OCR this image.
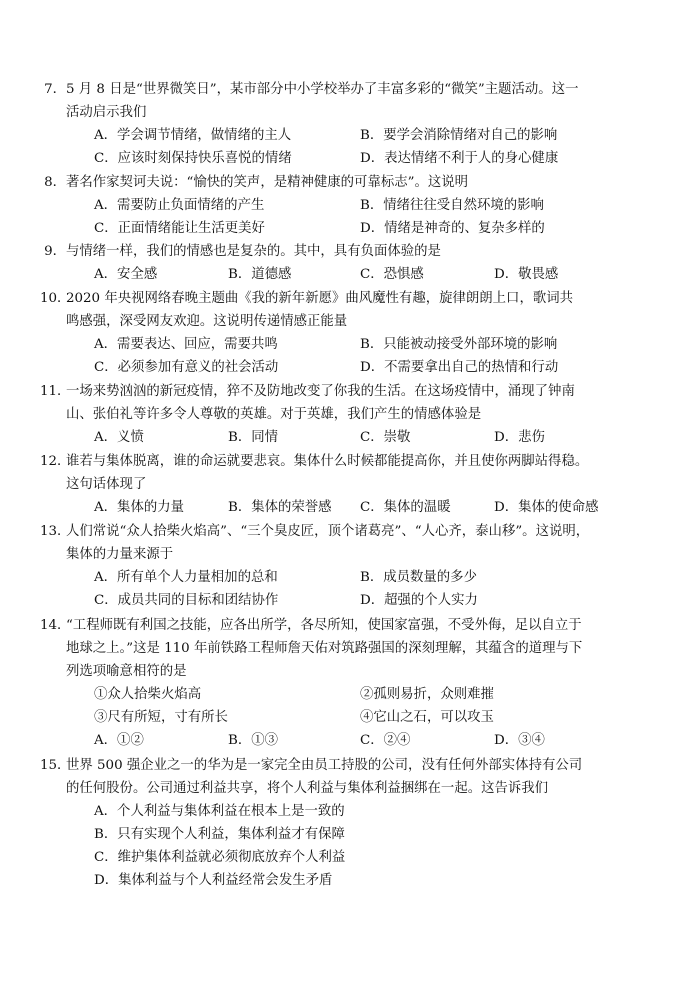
7．5 月 8 日是“世界微笑日”，某市部分中小学校举办了丰富多彩的“微笑”主题活动。这一
活动启示我们
A．学会调节情绪，做情绪的主人	B．要学会消除情绪对自己的影响
C．应该时刻保持快乐喜悦的情绪	D．表达情绪不利于人的身心健康
8．著名作家契诃夫说：“愉快的笑声，是精神健康的可靠标志”。这说明
A．需要防止负面情绪的产生	B．情绪往往受自然环境的影响
C．正面情绪能让生活更美好	D．情绪是神奇的、复杂多样的
9．与情绪一样，我们的情感也是复杂的。其中，具有负面体验的是
A．安全感	B．道德感	C．恐惧感	D．敬畏感
10．2020 年央视网络春晚主题曲《我的新年新愿》曲风魔性有趣，旋律朗朗上口，歌词共
鸣感强，深受网友欢迎。这说明传递情感正能量
A．需要表达、回应，需要共鸣	B．只能被动接受外部环境的影响
C．必须参加有意义的社会活动	D．不需要拿出自己的热情和行动
11．一场来势汹汹的新冠疫情，猝不及防地改变了你我的生活。在这场疫情中，涌现了钟南
山、张伯礼等许多令人尊敬的英雄。对于英雄，我们产生的情感体验是
A．义愤	B．同情	C．崇敬	D．悲伤
12．谁若与集体脱离，谁的命运就要悲哀。集体什么时候都能提高你，并且使你两脚站得稳。
这句话体现了
A．集体的力量	B．集体的荣誉感 C．集体的温暖	D．集体的使命感
13．人们常说“众人拾柴火焰高”、“三个臭皮匠，顶个诸葛亮”、“人心齐，泰山移”。这说明，
集体的力量来源于
A．所有单个人力量相加的总和	B．成员数量的多少
C．成员共同的目标和团结协作	D．超强的个人实力
14．“工程师既有利国之技能，应各出所学，各尽所知，使国家富强，不受外侮，足以自立于
地球之上。”这是 110 年前铁路工程师詹天佑对筑路强国的深刻理解，其蕴含的道理与下
列选项喻意相符的是
①众人拾柴火焰高	②孤则易折，众则难摧
③尺有所短，寸有所长	④它山之石，可以攻玉
A．①②	B．①③	C．②④	D．③④
15．世界 500 强企业之一的华为是一家完全由员工持股的公司，没有任何外部实体持有公司
的任何股份。公司通过利益共享，将个人利益与集体利益捆绑在一起。这告诉我们
A．个人利益与集体利益在根本上是一致的
B．只有实现个人利益，集体利益才有保障
C．维护集体利益就必须彻底放弃个人利益
D．集体利益与个人利益经常会发生矛盾
